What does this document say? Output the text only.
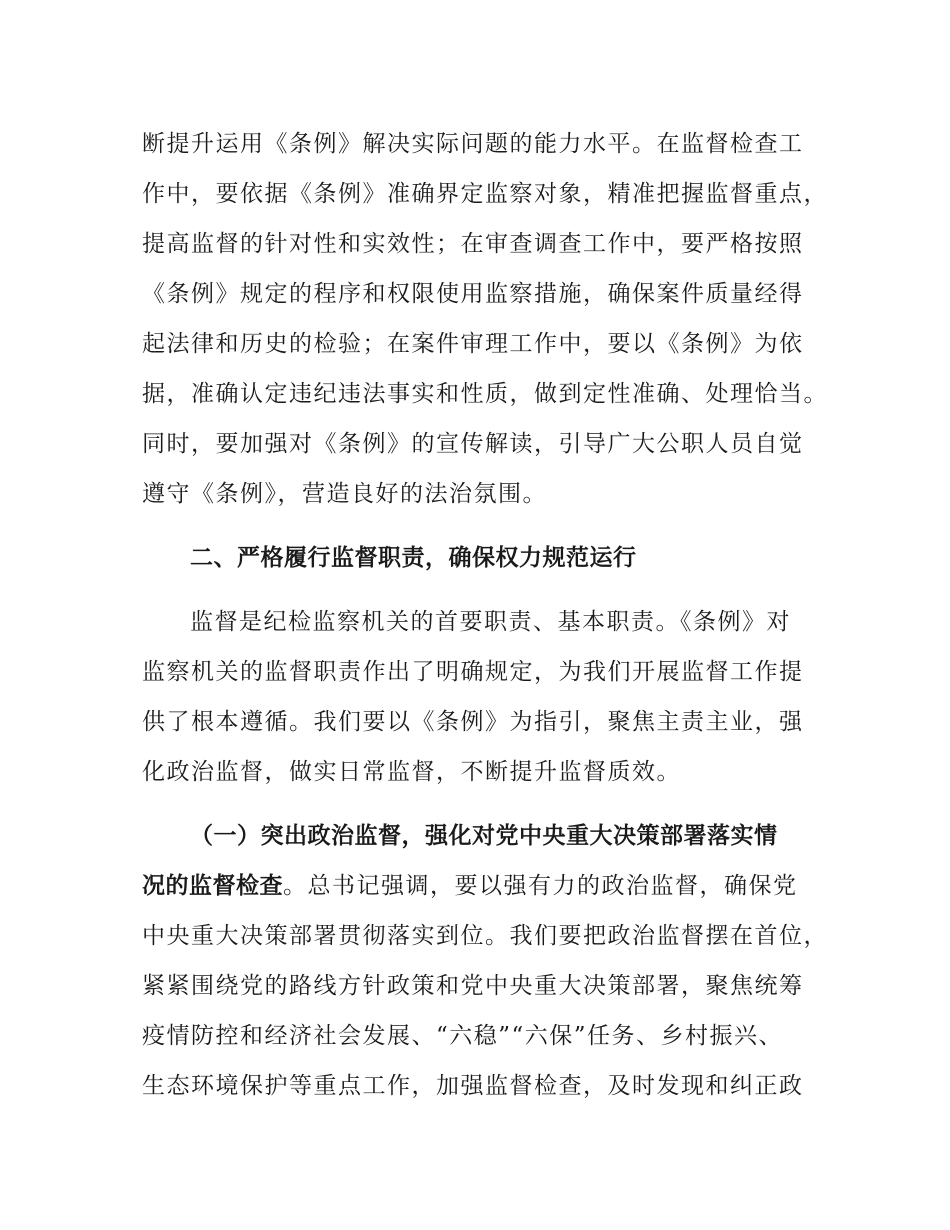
断提升运用《条例》解决实际问题的能力水平。在监督检查工
作中，要依据《条例》准确界定监察对象，精准把握监督重点，
提高监督的针对性和实效性；在审查调查工作中，要严格按照
《条例》规定的程序和权限使用监察措施，确保案件质量经得
起法律和历史的检验；在案件审理工作中，要以《条例》为依
据，准确认定违纪违法事实和性质，做到定性准确、处理恰当。
同时，要加强对《条例》的宣传解读，引导广大公职人员自觉
遵守《条例》，营造良好的法治氛围。
二、严格履行监督职责，确保权力规范运行
监督是纪检监察机关的首要职责、基本职责。《条例》对
监察机关的监督职责作出了明确规定，为我们开展监督工作提
供了根本遵循。我们要以《条例》为指引，聚焦主责主业，强
化政治监督，做实日常监督，不断提升监督质效。
（一）突出政治监督，强化对党中央重大决策部署落实情
况的监督检查。总书记强调，要以强有力的政治监督，确保党
中央重大决策部署贯彻落实到位。我们要把政治监督摆在首位，
紧紧围绕党的路线方针政策和党中央重大决策部署，聚焦统筹
疫情防控和经济社会发展、“六稳”“六保”任务、乡村振兴、
生态环境保护等重点工作，加强监督检查，及时发现和纠正政
